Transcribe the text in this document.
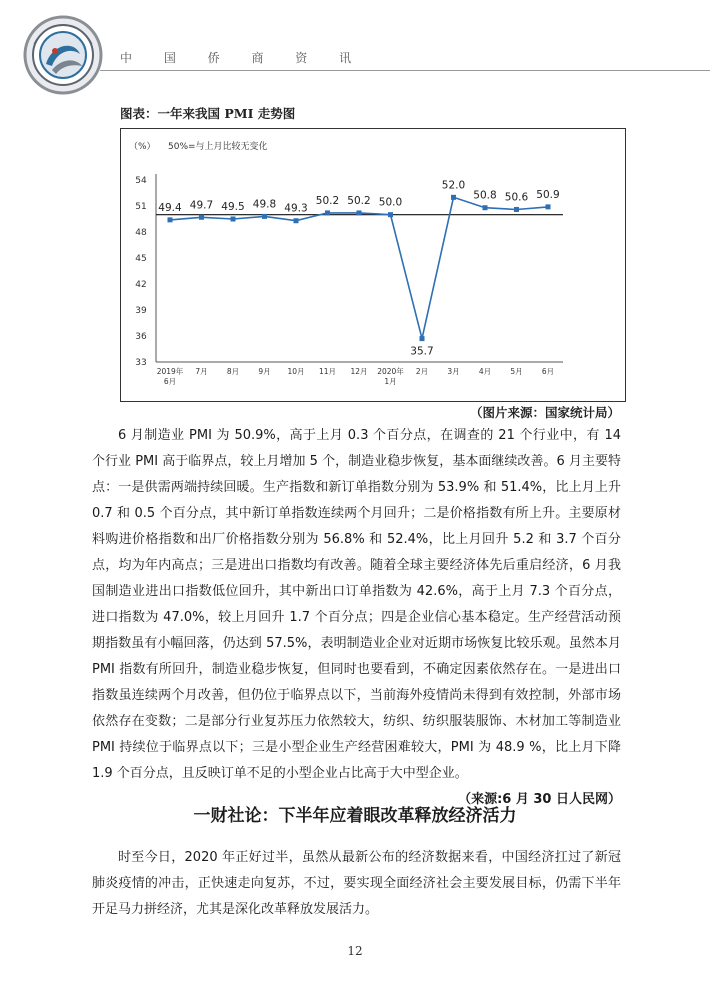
中 国 侨 商 资 讯
图表：一年来我国 PMI 走势图
（%） 50%=与上月比较无变化
54
51
48
45
42
39
36
33
49.4
2019年
6月
49.7
7月
49.5
8月
49.8
9月
49.3
10月
50.2
11月
50.2
12月
50.0
2020年
1月
35.7
2月
52.0
3月
50.8
4月
50.6
5月
50.9
6月
（图片来源：国家统计局）

6 月制造业 PMI 为 50.9%，高于上月 0.3 个百分点，在调查的 21 个行业中，有 14 个行业 PMI 高于临界点，较上月增加 5 个，制造业稳步恢复，基本面继续改善。6 月主要特点：一是供需两端持续回暖。生产指数和新订单指数分别为 53.9% 和 51.4%，比上月上升 0.7 和 0.5 个百分点，其中新订单指数连续两个月回升；二是价格指数有所上升。主要原材料购进价格指数和出厂价格指数分别为 56.8% 和 52.4%，比上月回升 5.2 和 3.7 个百分点，均为年内高点；三是进出口指数均有改善。随着全球主要经济体先后重启经济，6 月我国制造业进出口指数低位回升，其中新出口订单指数为 42.6%，高于上月 7.3 个百分点，进口指数为 47.0%，较上月回升 1.7 个百分点；四是企业信心基本稳定。生产经营活动预期指数虽有小幅回落，仍达到 57.5%，表明制造业企业对近期市场恢复比较乐观。虽然本月 PMI 指数有所回升，制造业稳步恢复，但同时也要看到，不确定因素依然存在。一是进出口指数虽连续两个月改善，但仍位于临界点以下，当前海外疫情尚未得到有效控制，外部市场依然存在变数；二是部分行业复苏压力依然较大，纺织、纺织服装服饰、木材加工等制造业 PMI 持续位于临界点以下；三是小型企业生产经营困难较大，PMI 为 48.9 %，比上月下降 1.9 个百分点，且反映订单不足的小型企业占比高于大中型企业。
（来源:6 月 30 日人民网）

一财社论：下半年应着眼改革释放经济活力

时至今日，2020 年正好过半，虽然从最新公布的经济数据来看，中国经济扛过了新冠肺炎疫情的冲击，正快速走向复苏，不过，要实现全面经济社会主要发展目标，仍需下半年开足马力拼经济，尤其是深化改革释放发展活力。

12
